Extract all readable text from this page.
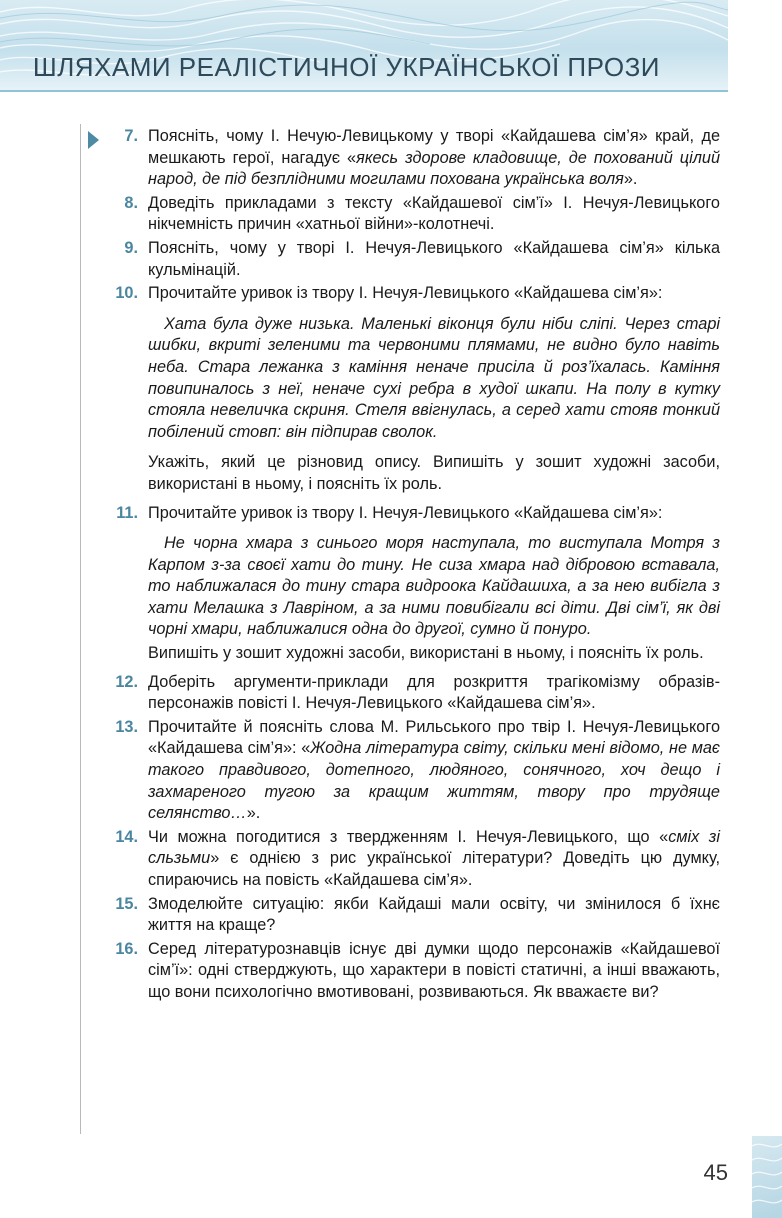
ШЛЯХАМИ РЕАЛІСТИЧНОЇ УКРАЇНСЬКОЇ ПРОЗИ
7. Поясніть, чому І. Нечую-Левицькому у творі «Кайдашева сім’я» край, де мешкають герої, нагадує «якесь здорове кладовище, де похований цілий народ, де під безплідними могилами похована українська воля».

8. Доведіть прикладами з тексту «Кайдашевої сім’ї» І. Нечуя-Левицького нікчемність причин «хатньої війни»-колотнечі.

9. Поясніть, чому у творі І. Нечуя-Левицького «Кайдашева сім’я» кілька кульмінацій.

10. Прочитайте уривок із твору І. Нечуя-Левицького «Кайдашева сім’я»:

Хата була дуже низька. Маленькі віконця були ніби сліпі. Через старі шибки, вкриті зеленими та червоними плямами, не видно було навіть неба. Стара лежанка з каміння неначе присіла й роз’їхалась. Каміння повипиналось з неї, неначе сухі ребра в худої шкапи. На полу в кутку стояла невеличка скриня. Стеля ввігнулась, а серед хати стояв тонкий побілений стовп: він підпирав сволок.

Укажіть, який це різновид опису. Випишіть у зошит художні засоби, використані в ньому, і поясніть їх роль.

11. Прочитайте уривок із твору І. Нечуя-Левицького «Кайдашева сім’я»:

Не чорна хмара з синього моря наступала, то виступала Мотря з Карпом з-за своєї хати до тину. Не сиза хмара над дібровою вставала, то наближалася до тину стара видроока Кайдашиха, а за нею вибігла з хати Мелашка з Лавріном, а за ними повибігали всі діти. Дві сім’ї, як дві чорні хмари, наближалися одна до другої, сумно й понуро.

Випишіть у зошит художні засоби, використані в ньому, і поясніть їх роль.

12. Доберіть аргументи-приклади для розкриття трагікомізму образів-персонажів повісті І. Нечуя-Левицького «Кайдашева сім’я».

13. Прочитайте й поясніть слова М. Рильського про твір І. Нечуя-Левицького «Кайдашева сім’я»: «Жодна література світу, скільки мені відомо, не має такого правдивого, дотепного, людяного, сонячного, хоч дещо і захмареного тугою за кращим життям, твору про трудяще селянство…».

14. Чи можна погодитися з твердженням І. Нечуя-Левицького, що «сміх зі сльзьми» є однією з рис української літератури? Доведіть цю думку, спираючись на повість «Кайдашева сім’я».

15. Змоделюйте ситуацію: якби Кайдаші мали освіту, чи змінилося б їхнє життя на краще?

16. Серед літературознавців існує дві думки щодо персонажів «Кайдашевої сім’ї»: одні стверджують, що характери в повісті статичні, а інші вважають, що вони психологічно вмотивовані, розвиваються. Як вважаєте ви?

45
